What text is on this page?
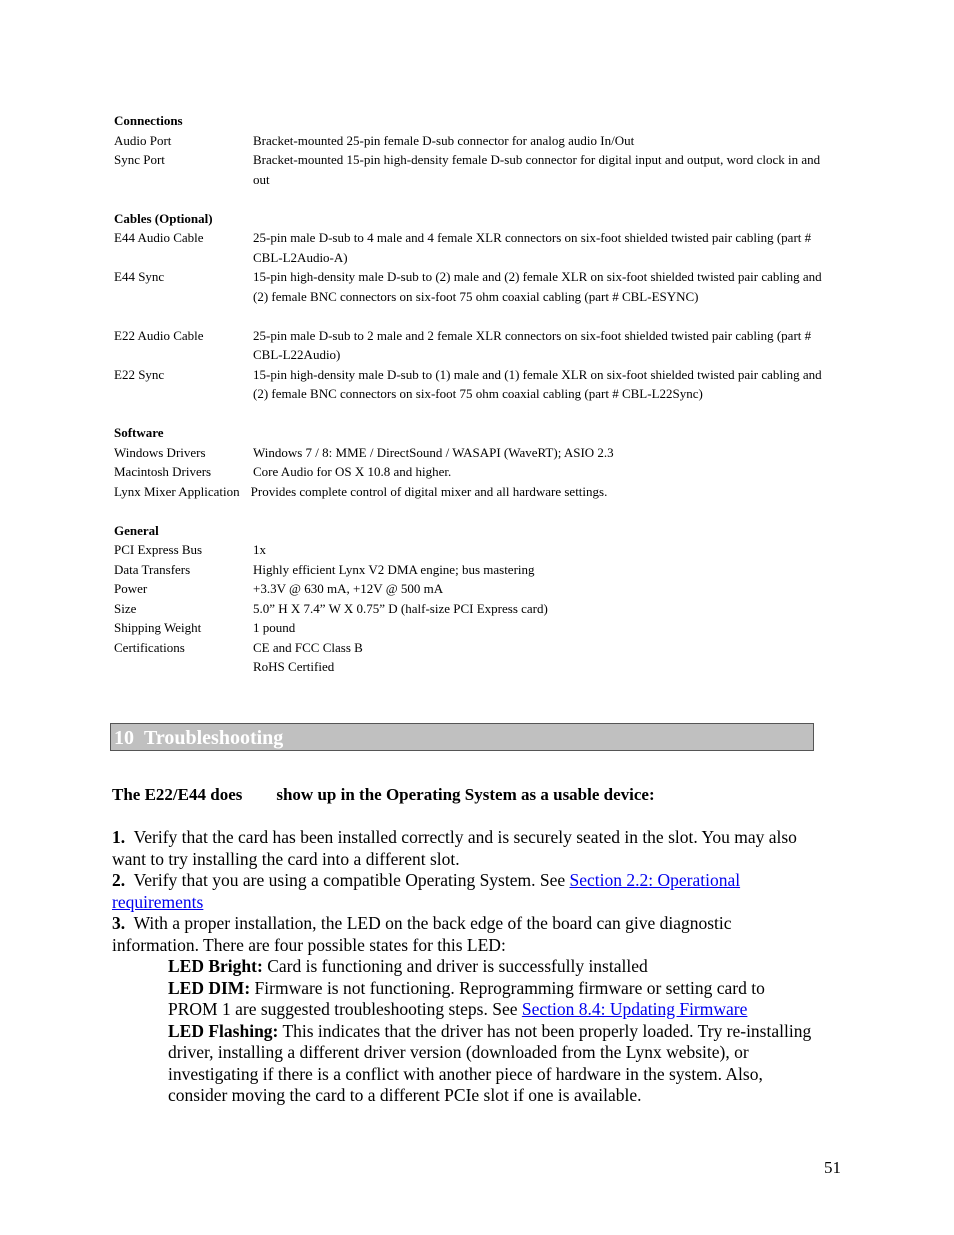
Connections
Audio Port	Bracket-mounted 25-pin female D-sub connector for analog audio In/Out
Sync Port	Bracket-mounted 15-pin high-density female D-sub connector for digital input and output, word clock in and out
Cables (Optional)
E44 Audio Cable	25-pin male D-sub to 4 male and 4 female XLR connectors on six-foot shielded twisted pair cabling (part # CBL-L2Audio-A)
E44 Sync	15-pin high-density male D-sub to (2) male and (2) female XLR on six-foot shielded twisted pair cabling and (2) female BNC connectors on six-foot 75 ohm coaxial cabling (part # CBL-ESYNC)
E22 Audio Cable	25-pin male D-sub to 2 male and 2 female XLR connectors on six-foot shielded twisted pair cabling (part # CBL-L22Audio)
E22 Sync	15-pin high-density male D-sub to (1) male and (1) female XLR on six-foot shielded twisted pair cabling and (2) female BNC connectors on six-foot 75 ohm coaxial cabling (part # CBL-L22Sync)
Software
Windows Drivers	Windows 7 / 8: MME / DirectSound / WASAPI (WaveRT); ASIO 2.3
Macintosh Drivers	Core Audio for OS X 10.8 and higher.
Lynx Mixer Application Provides complete control of digital mixer and all hardware settings.
General
PCI Express Bus	1x
Data Transfers	Highly efficient Lynx V2 DMA engine; bus mastering
Power	+3.3V @ 630 mA, +12V @ 500 mA
Size	5.0” H X 7.4” W X 0.75” D (half-size PCI Express card)
Shipping Weight	1 pound
Certifications	CE and FCC Class B
RoHS Certified
10 Troubleshooting
The E22/E44 does show up in the Operating System as a usable device:

1. Verify that the card has been installed correctly and is securely seated in the slot. You may also want to try installing the card into a different slot.

2. Verify that you are using a compatible Operating System. See Section 2.2: Operational requirements

3. With a proper installation, the LED on the back edge of the board can give diagnostic information. There are four possible states for this LED:

LED Bright: Card is functioning and driver is successfully installed

LED DIM: Firmware is not functioning. Reprogramming firmware or setting card to PROM 1 are suggested troubleshooting steps. See Section 8.4: Updating Firmware

LED Flashing: This indicates that the driver has not been properly loaded. Try re-installing driver, installing a different driver version (downloaded from the Lynx website), or investigating if there is a conflict with another piece of hardware in the system. Also, consider moving the card to a different PCIe slot if one is available.

51
